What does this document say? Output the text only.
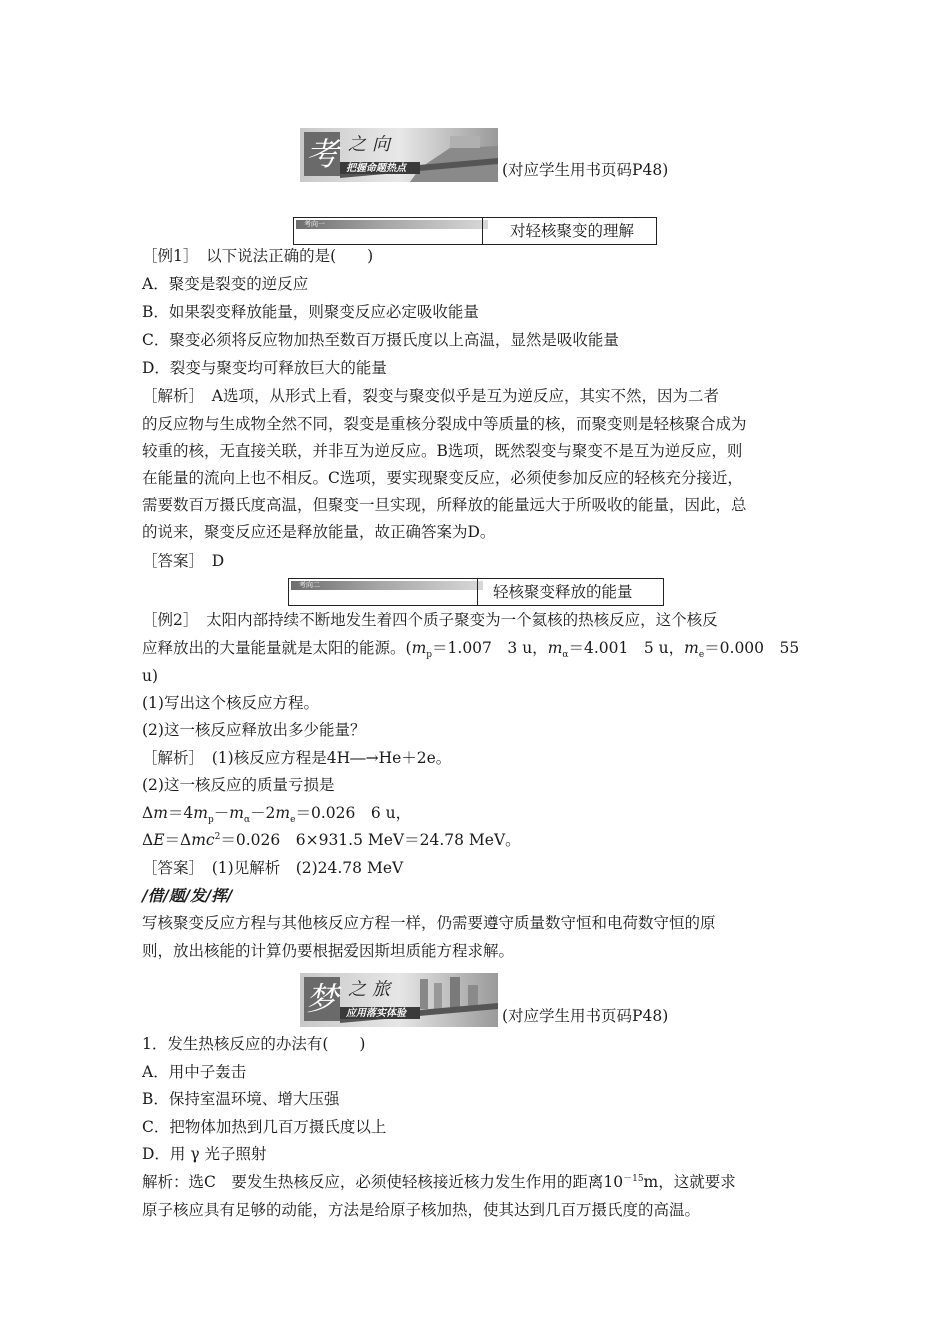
考 之向
把握命题热点	(对应学生用书页码P48)
考向一	对轻核聚变的理解
［例1］　以下说法正确的是(　　)
A．聚变是裂变的逆反应
B．如果裂变释放能量，则聚变反应必定吸收能量
C．聚变必须将反应物加热至数百万摄氏度以上高温，显然是吸收能量
D．裂变与聚变均可释放巨大的能量
［解析］　A选项，从形式上看，裂变与聚变似乎是互为逆反应，其实不然，因为二者
的反应物与生成物全然不同，裂变是重核分裂成中等质量的核，而聚变则是轻核聚合成为
较重的核，无直接关联，并非互为逆反应。B选项，既然裂变与聚变不是互为逆反应，则
在能量的流向上也不相反。C选项，要实现聚变反应，必须使参加反应的轻核充分接近，
需要数百万摄氏度高温，但聚变一旦实现，所释放的能量远大于所吸收的能量，因此，总
的说来，聚变反应还是释放能量，故正确答案为D。
［答案］　D
考向二	轻核聚变释放的能量
［例2］　太阳内部持续不断地发生着四个质子聚变为一个氦核的热核反应，这个核反
应释放出的大量能量就是太阳的能源。($m_p=1.007$　3 u，$m_\alpha=4.001$　5 u，$m_e=0.000$　55
u)
(1)写出这个核反应方程。
(2)这一核反应释放出多少能量？
［解析］　(1)核反应方程是4H―→He＋2e。
(2)这一核反应的质量亏损是
$\Delta m=4m_p-m_\alpha-2m_e=0.026$　6 u，
ΔE＝Δmc$^2$＝0.026　6×931.5 MeV＝24.78 MeV。
［答案］　(1)见解析　(2)24.78 MeV
/借/题/发/挥/
写核聚变反应方程与其他核反应方程一样，仍需要遵守质量数守恒和电荷数守恒的原
则，放出核能的计算仍要根据爱因斯坦质能方程求解。
梦 之旅
应用落实体验	(对应学生用书页码P48)
1．发生热核反应的办法有(　　)
A．用中子轰击
B．保持室温环境、增大压强
C．把物体加热到几百万摄氏度以上
D．用 γ 光子照射
解析：选C　要发生热核反应，必须使轻核接近核力发生作用的距离$10^{-15}m$，这就要求
原子核应具有足够的动能，方法是给原子核加热，使其达到几百万摄氏度的高温。
